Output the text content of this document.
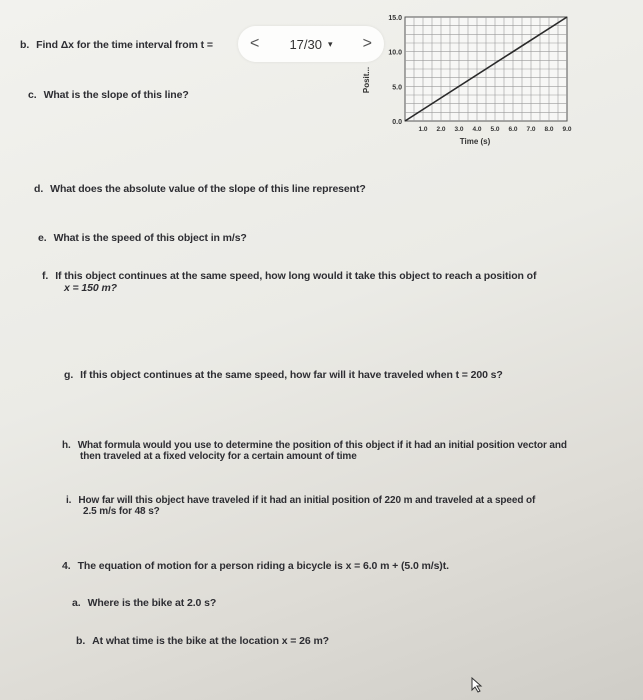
b. Find Δx for the time interval from t = < 17/30 ▾ >
c. What is the slope of this line?
d. What does the absolute value of the slope of this line represent?
e. What is the speed of this object in m/s?
f. If this object continues at the same speed, how long would it take this object to reach a position of
x = 150 m?
g. If this object continues at the same speed, how far will it have traveled when t = 200 s?
h. What formula would you use to determine the position of this object if it had an initial position vector and
then traveled at a fixed velocity for a certain amount of time
i. How far will this object have traveled if it had an initial position of 220 m and traveled at a speed of
2.5 m/s for 48 s?
4. The equation of motion for a person riding a bicycle is x = 6.0 m + (5.0 m/s)t.
a. Where is the bike at 2.0 s?
b. At what time is the bike at the location x = 26 m?
0.0
5.0
10.0
15.0
1.0 2.0 3.0 4.0 5.0 6.0 7.0 8.0 9.0
Posit...
Time (s)
